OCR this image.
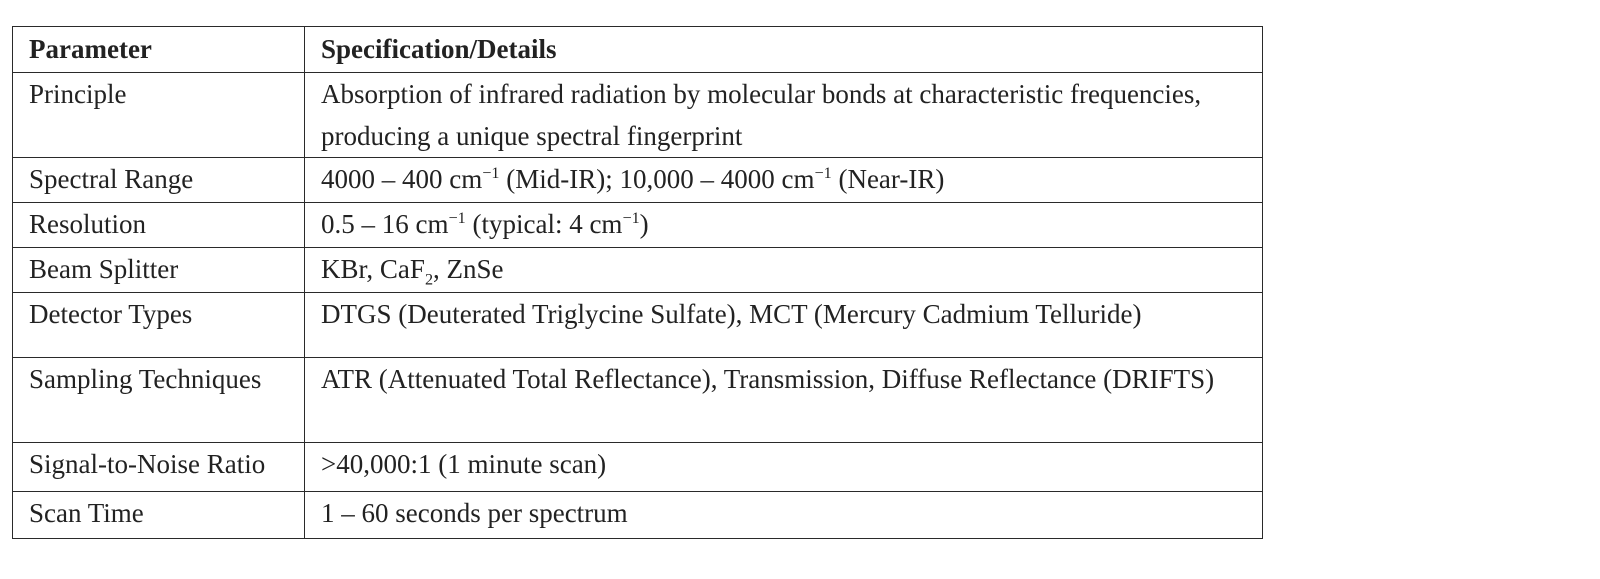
Parameter	Specification/Details
Principle	Absorption of infrared radiation by molecular bonds at characteristic frequencies, producing a unique spectral fingerprint
Spectral Range	4000 – 400 $cm^{-1}$ (Mid-IR); 10,000 – 4000 $cm^{-1}$ (Near-IR)
Resolution	0.5 – 16 $cm^{-1}$ (typical: 4 $cm^{-1}$)
Beam Splitter	KBr, CaF$_2$, ZnSe
Detector Types	DTGS (Deuterated Triglycine Sulfate), MCT (Mercury Cadmium Telluride)
Sampling Techniques	ATR (Attenuated Total Reflectance), Transmission, Diffuse Reflectance (DRIFTS)
Signal-to-Noise Ratio	>40,000:1 (1 minute scan)
Scan Time	1 – 60 seconds per spectrum
